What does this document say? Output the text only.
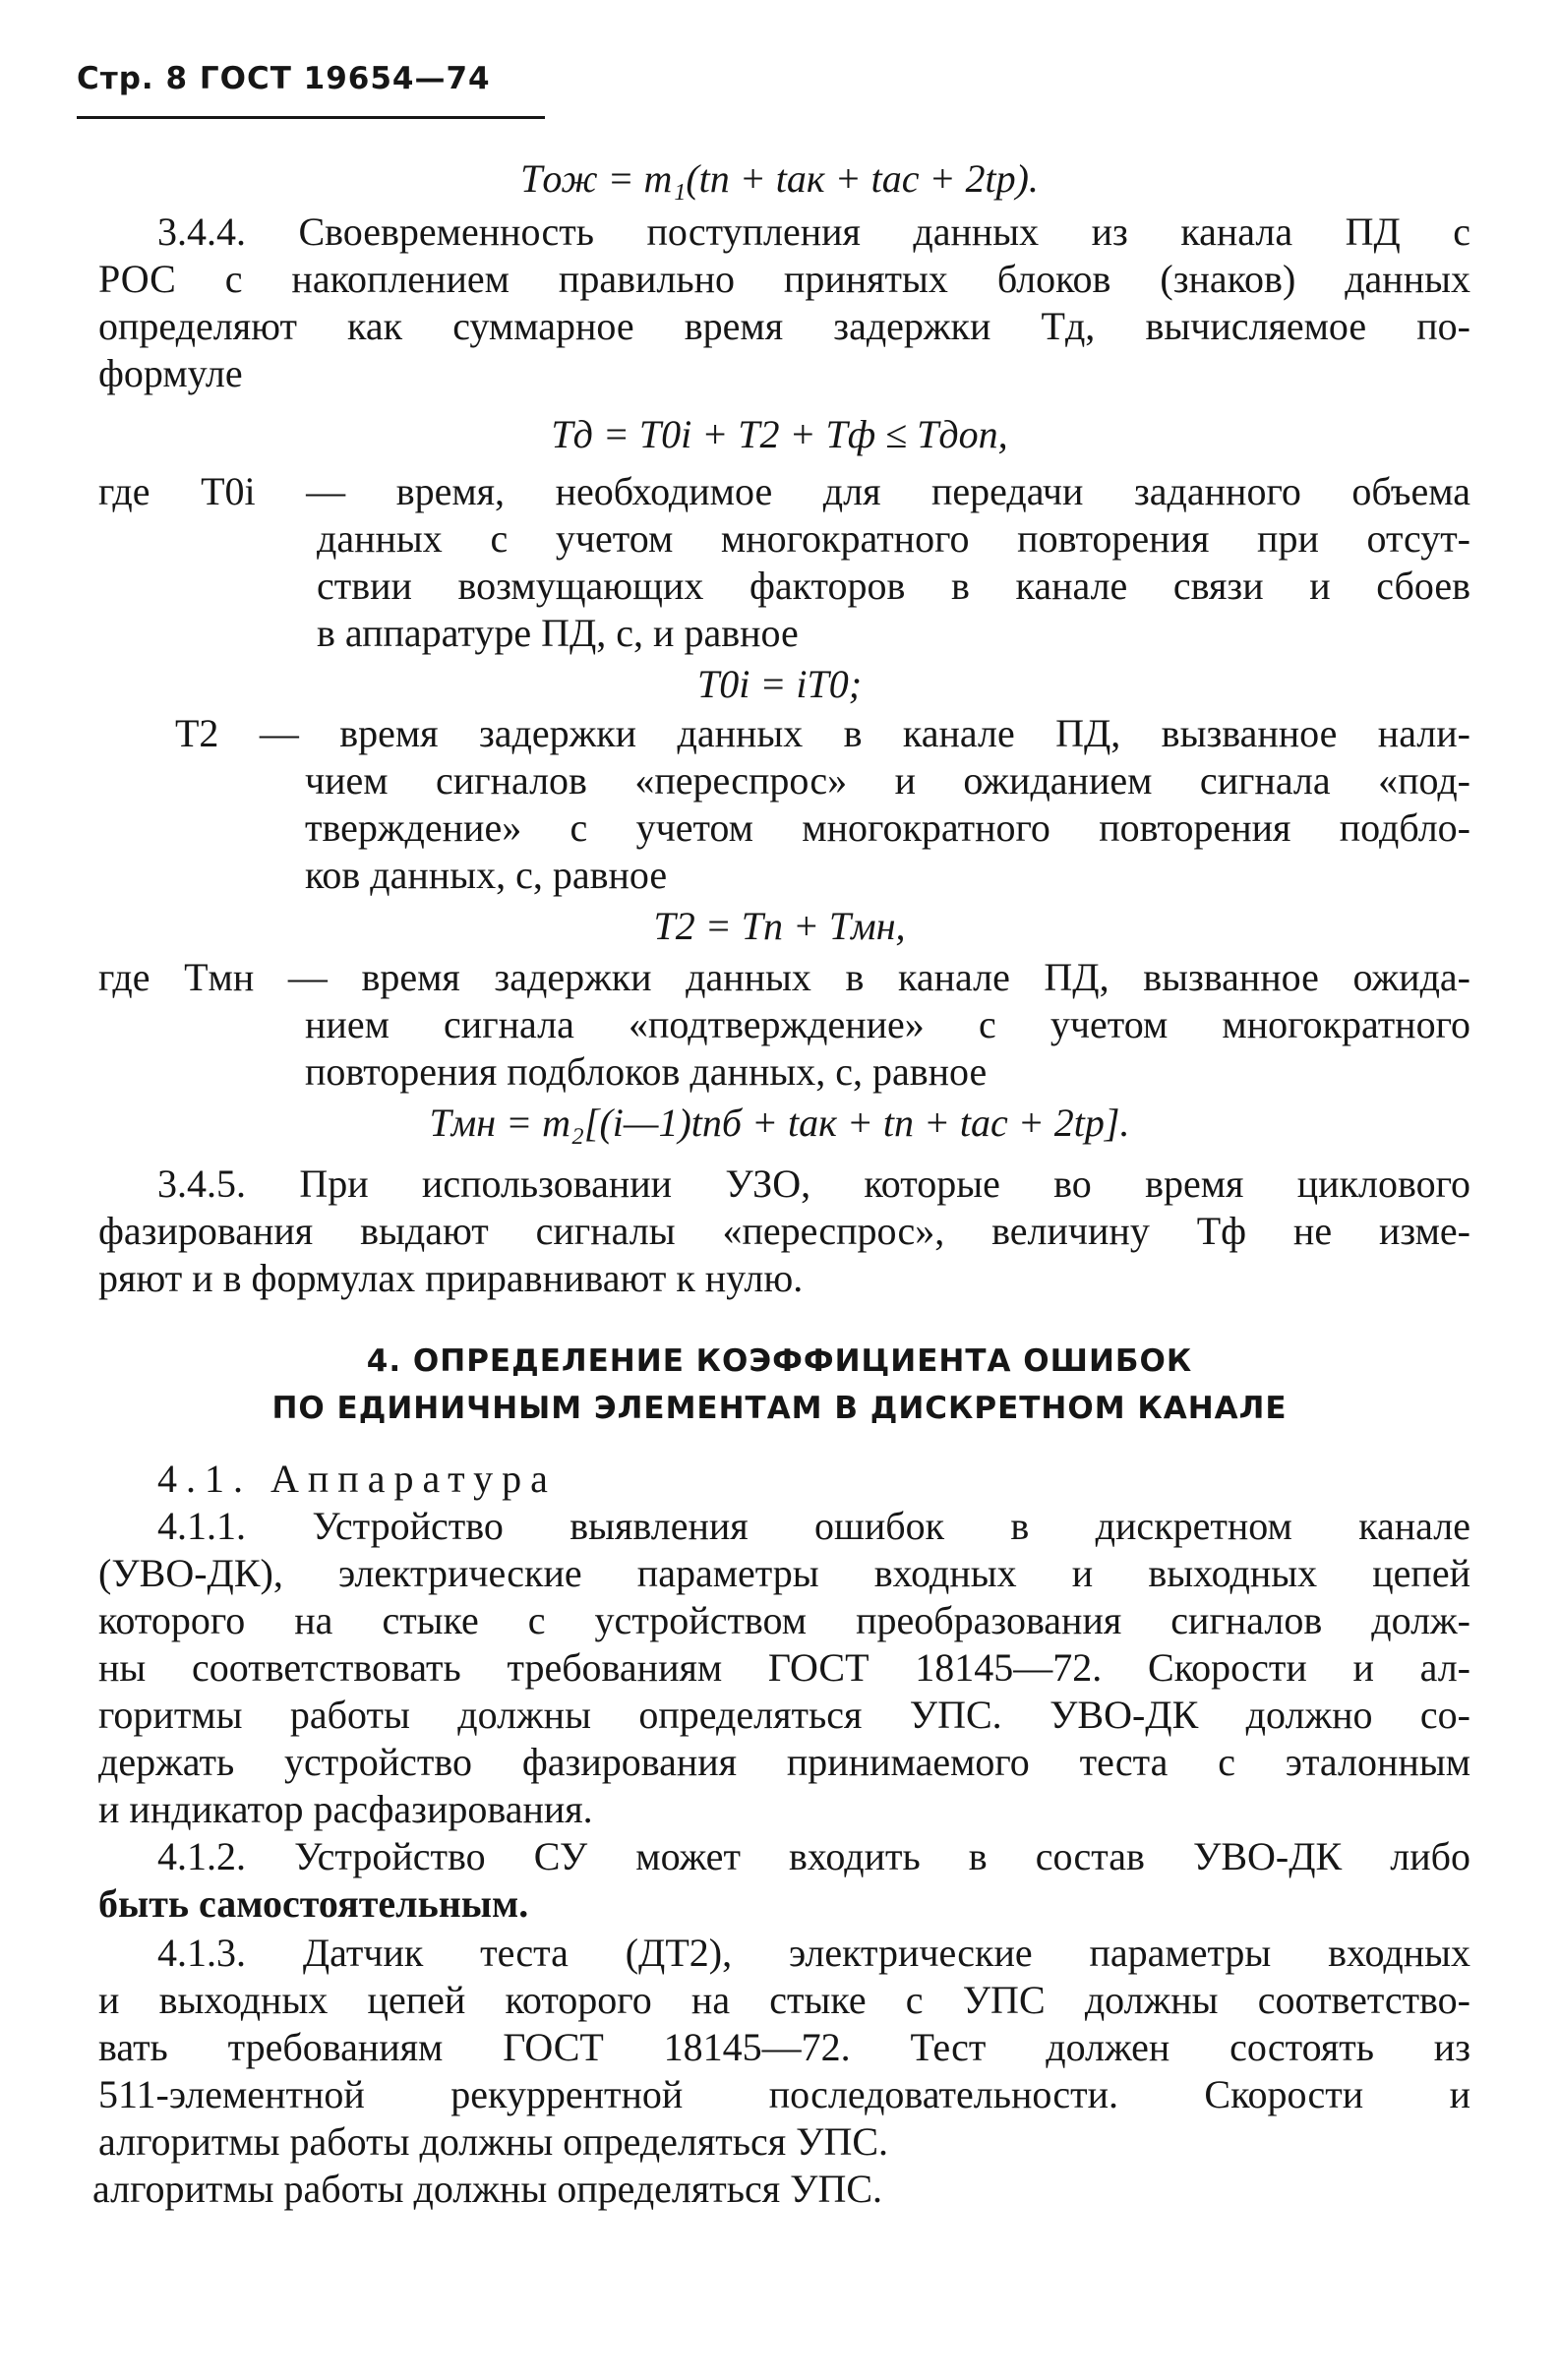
Стр. 8 ГОСТ 19654—74
Tож = m₁(tп + tак + tас + 2tр).
3.4.4. Своевременность поступления данных из канала ПД с
РОС с накоплением правильно принятых блоков (знаков) данных
определяют как суммарное время задержки Tд, вычисляемое по-
формуле
Tд = T0i + T2 + Tф ≤ Tдоп,
где T0i — время, необходимое для передачи заданного объема
данных с учетом многократного повторения при отсут-
ствии возмущающих факторов в канале связи и сбоев
в аппаратуре ПД, с, и равное
T0i = iT0;
T2 — время задержки данных в канале ПД, вызванное нали-
чием сигналов «переспрос» и ожиданием сигнала «под-
тверждение» с учетом многократного повторения подбло-
ков данных, с, равное
T2 = Tп + Tмн,
где Tмн — время задержки данных в канале ПД, вызванное ожида-
нием сигнала «подтверждение» с учетом многократного
повторения подблоков данных, с, равное
Tмн = m₂[(i—1)tпб + tак + tп + tас + 2tр].
3.4.5. При использовании УЗО, которые во время циклового
фазирования выдают сигналы «переспрос», величину Tф не изме-
ряют и в формулах приравнивают к нулю.
4. ОПРЕДЕЛЕНИЕ КОЭФФИЦИЕНТА ОШИБОК
ПО ЕДИНИЧНЫМ ЭЛЕМЕНТАМ В ДИСКРЕТНОМ КАНАЛЕ
4.1. Аппаратура
4.1.1. Устройство выявления ошибок в дискретном канале
(УВО-ДК), электрические параметры входных и выходных цепей
которого на стыке с устройством преобразования сигналов долж-
ны соответствовать требованиям ГОСТ 18145—72. Скорости и ал-
горитмы работы должны определяться УПС. УВО-ДК должно со-
держать устройство фазирования принимаемого теста с эталонным
и индикатор расфазирования.
4.1.2. Устройство СУ может входить в состав УВО-ДК либо
быть самостоятельным.
4.1.3. Датчик теста (ДТ2), электрические параметры входных
и выходных цепей которого на стыке с УПС должны соответство-
вать требованиям ГОСТ 18145—72. Тест должен состоять из
511-элементной рекуррентной последовательности. Скорости и
алгоритмы работы должны определяться УПС.
алгоритмы работы должны определяться УПС.
